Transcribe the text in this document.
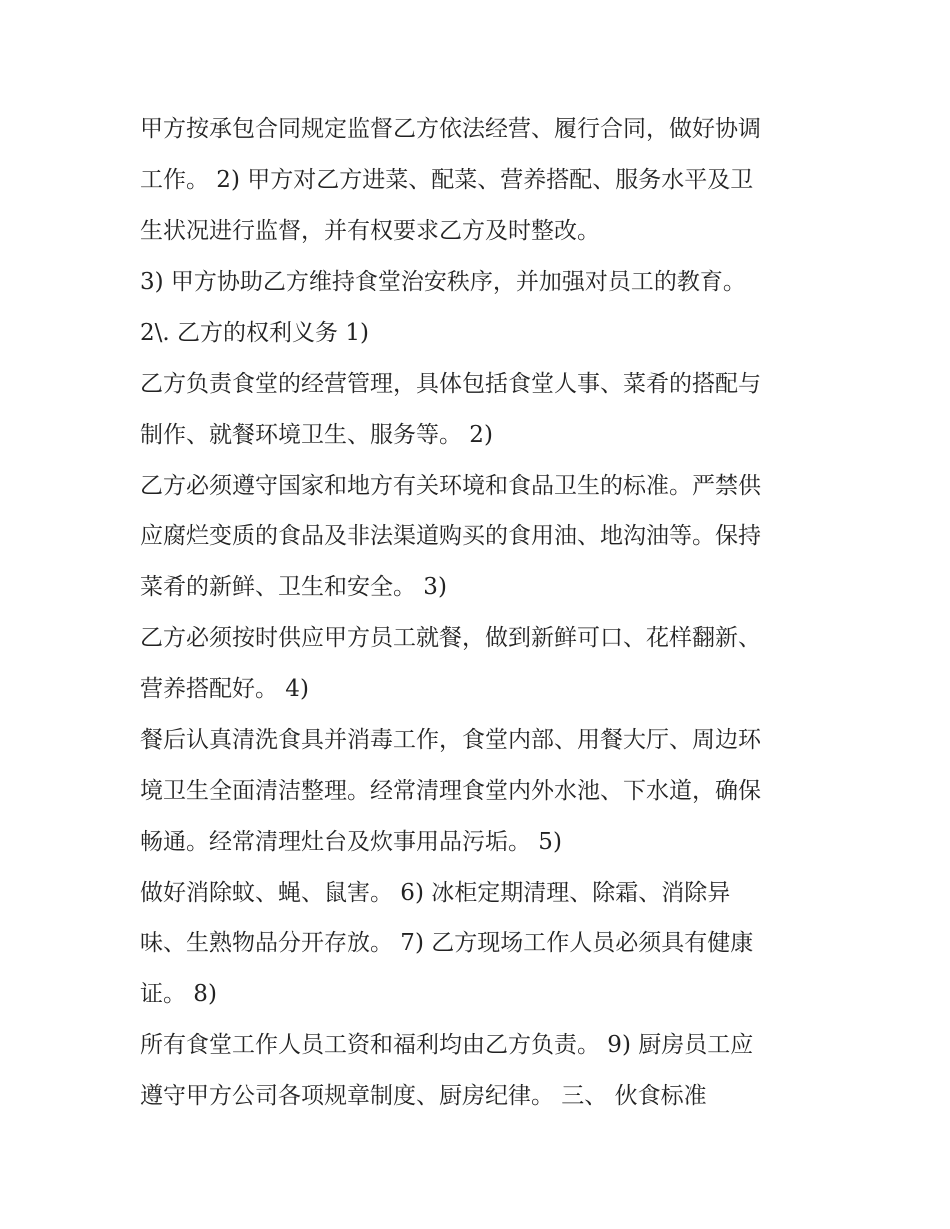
甲方按承包合同规定监督乙方依法经营、履行合同，做好协调
工作。 2) 甲方对乙方进菜、配菜、营养搭配、服务水平及卫
生状况进行监督，并有权要求乙方及时整改。
3) 甲方协助乙方维持食堂治安秩序，并加强对员工的教育。
2\. 乙方的权利义务 1)
乙方负责食堂的经营管理，具体包括食堂人事、菜肴的搭配与
制作、就餐环境卫生、服务等。 2)
乙方必须遵守国家和地方有关环境和食品卫生的标准。严禁供
应腐烂变质的食品及非法渠道购买的食用油、地沟油等。保持
菜肴的新鲜、卫生和安全。 3)
乙方必须按时供应甲方员工就餐，做到新鲜可口、花样翻新、
营养搭配好。 4)
餐后认真清洗食具并消毒工作，食堂内部、用餐大厅、周边环
境卫生全面清洁整理。经常清理食堂内外水池、下水道，确保
畅通。经常清理灶台及炊事用品污垢。 5)
做好消除蚊、蝇、鼠害。 6) 冰柜定期清理、除霜、消除异
味、生熟物品分开存放。 7) 乙方现场工作人员必须具有健康
证。 8)
所有食堂工作人员工资和福利均由乙方负责。 9) 厨房员工应
遵守甲方公司各项规章制度、厨房纪律。 三、 伙食标准
